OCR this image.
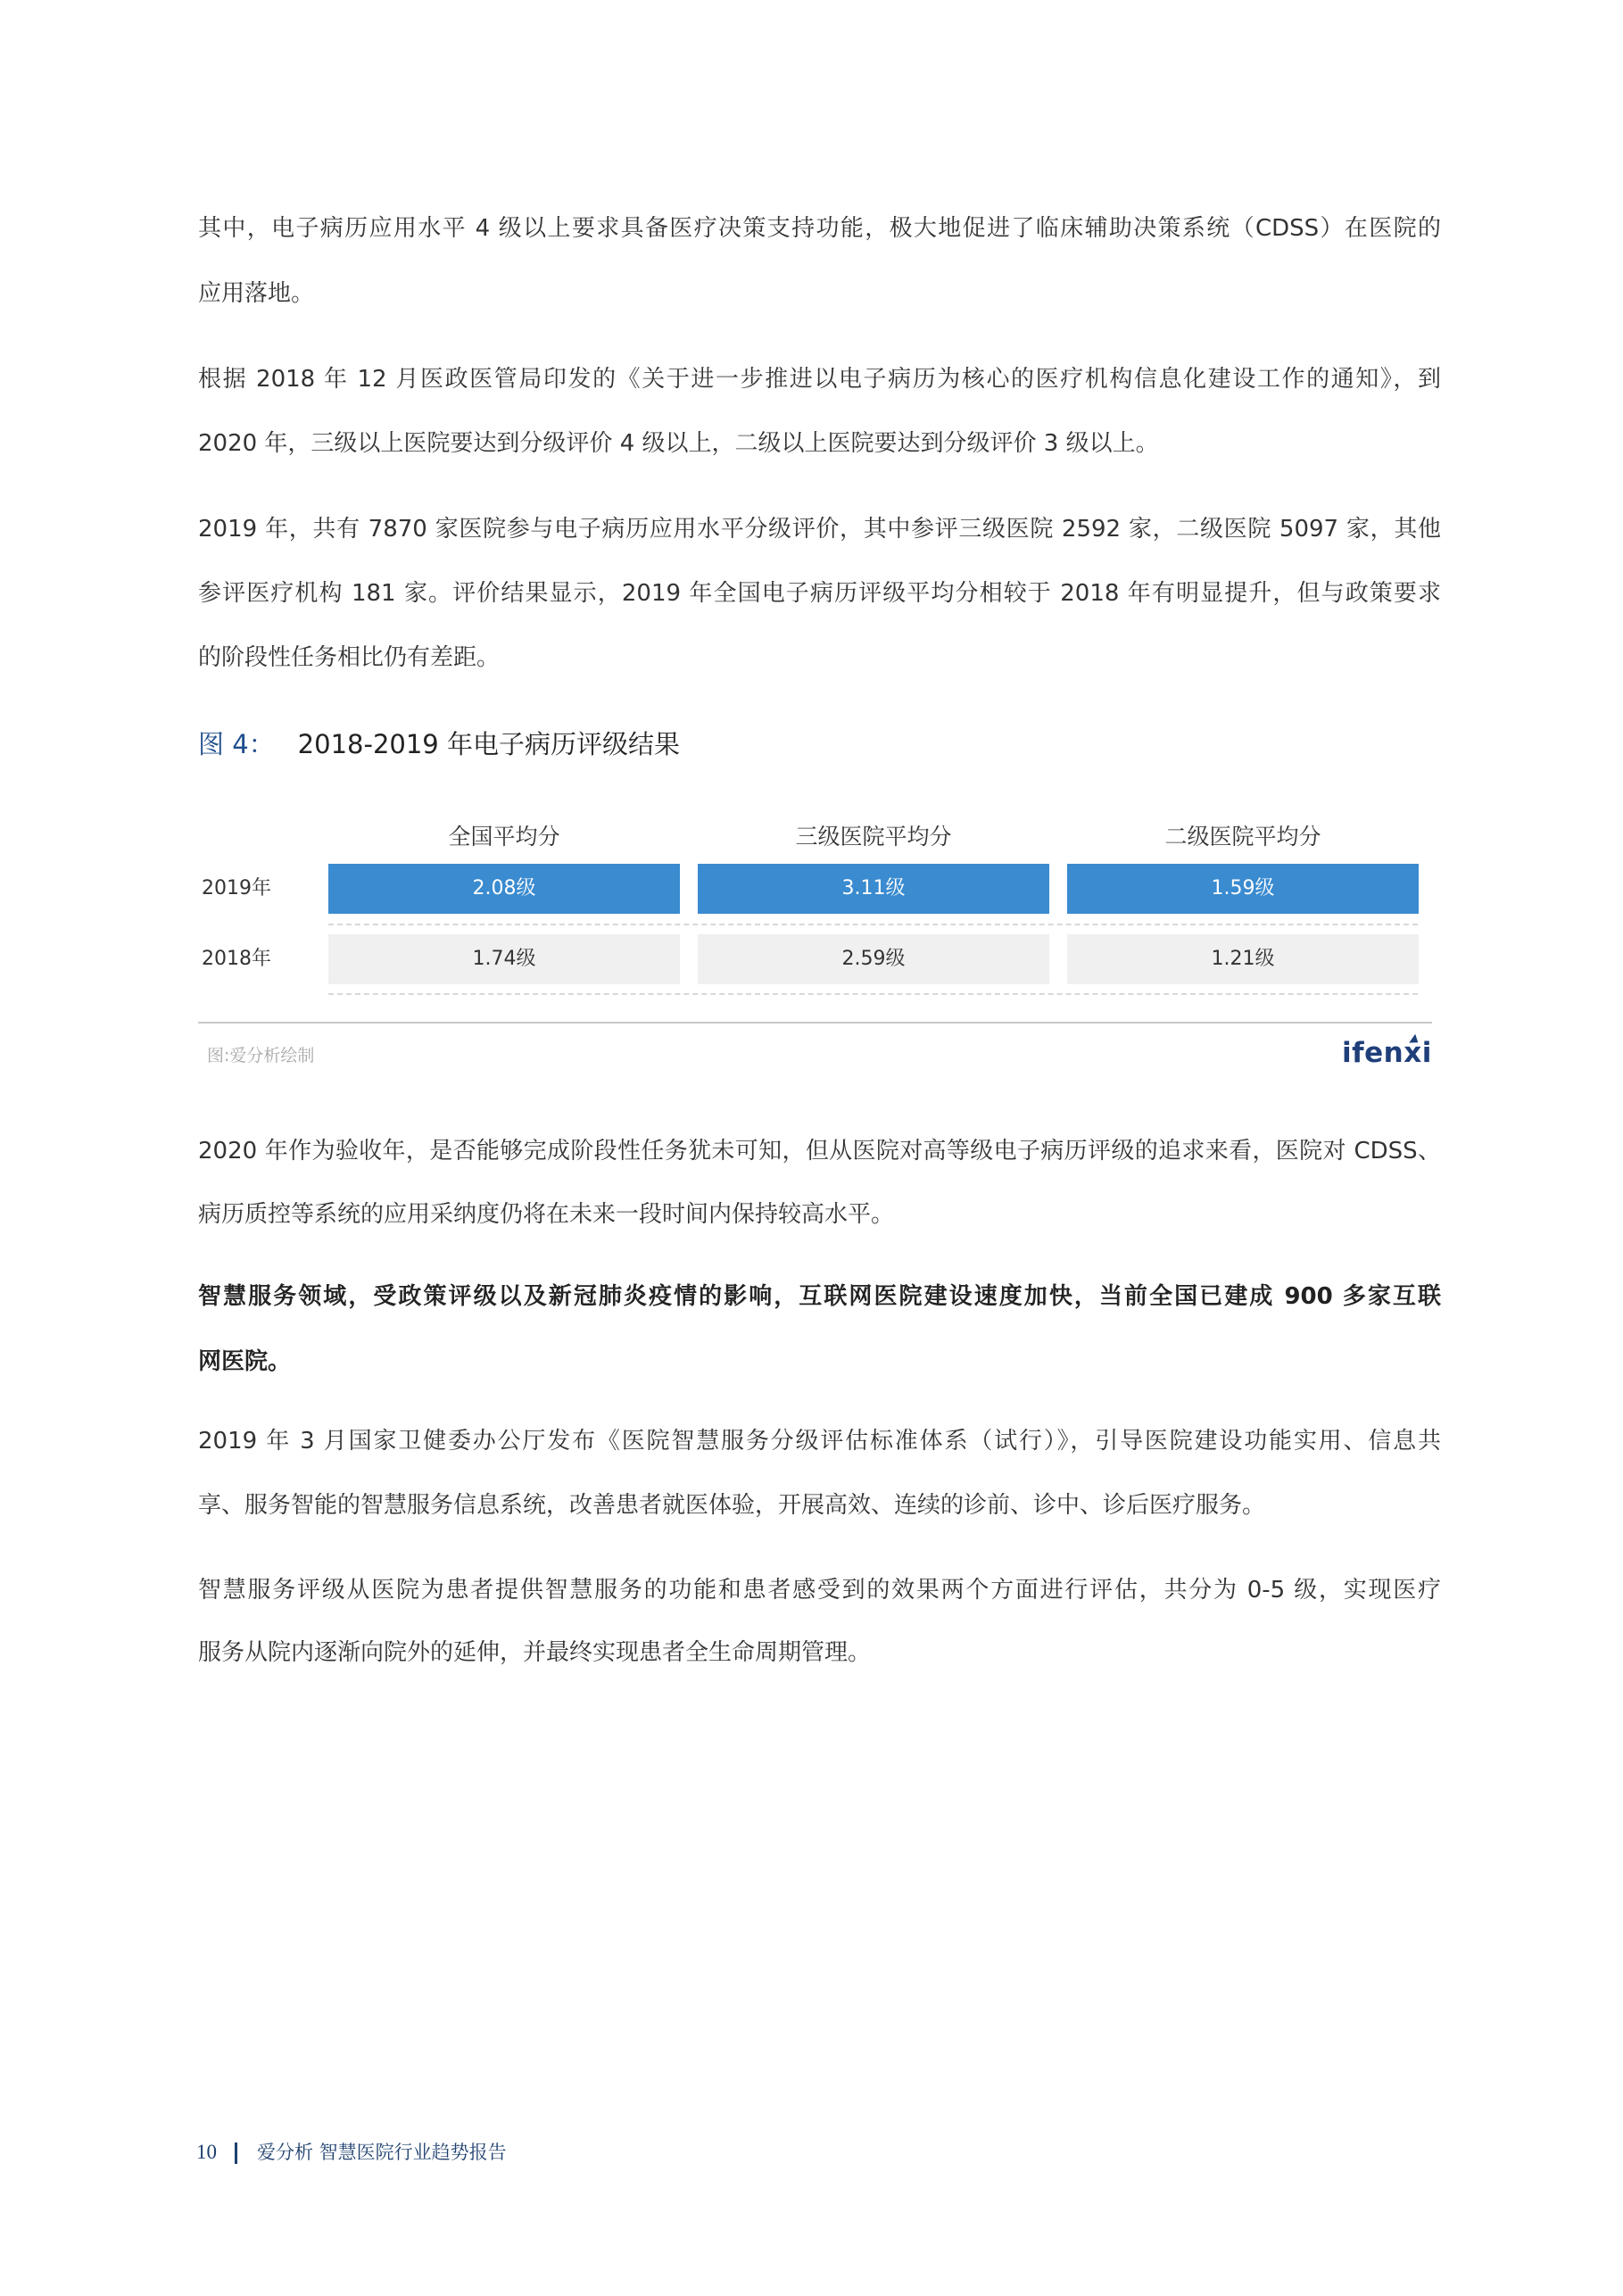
其中，电子病历应用水平 4 级以上要求具备医疗决策支持功能，极大地促进了临床辅助决策系统（CDSS）在医院的
应用落地。
根据 2018 年 12 月医政医管局印发的《关于进一步推进以电子病历为核心的医疗机构信息化建设工作的通知》，到
2020 年，三级以上医院要达到分级评价 4 级以上，二级以上医院要达到分级评价 3 级以上。
2019 年，共有 7870 家医院参与电子病历应用水平分级评价，其中参评三级医院 2592 家，二级医院 5097 家，其他
参评医疗机构 181 家。评价结果显示，2019 年全国电子病历评级平均分相较于 2018 年有明显提升，但与政策要求
的阶段性任务相比仍有差距。
图 4： 2018-2019 年电子病历评级结果
全国平均分	三级医院平均分	二级医院平均分
2019年	2.08级	3.11级	1.59级
2018年	1.74级	2.59级	1.21级
图:爱分析绘制	ifenxi
2020 年作为验收年，是否能够完成阶段性任务犹未可知，但从医院对高等级电子病历评级的追求来看，医院对 CDSS、
病历质控等系统的应用采纳度仍将在未来一段时间内保持较高水平。
智慧服务领域，受政策评级以及新冠肺炎疫情的影响，互联网医院建设速度加快，当前全国已建成 900 多家互联
网医院。
2019 年 3 月国家卫健委办公厅发布《医院智慧服务分级评估标准体系（试行）》，引导医院建设功能实用、信息共
享、服务智能的智慧服务信息系统，改善患者就医体验，开展高效、连续的诊前、诊中、诊后医疗服务。
智慧服务评级从医院为患者提供智慧服务的功能和患者感受到的效果两个方面进行评估，共分为 0-5 级，实现医疗
服务从院内逐渐向院外的延伸，并最终实现患者全生命周期管理。
10 爱分析 智慧医院行业趋势报告
